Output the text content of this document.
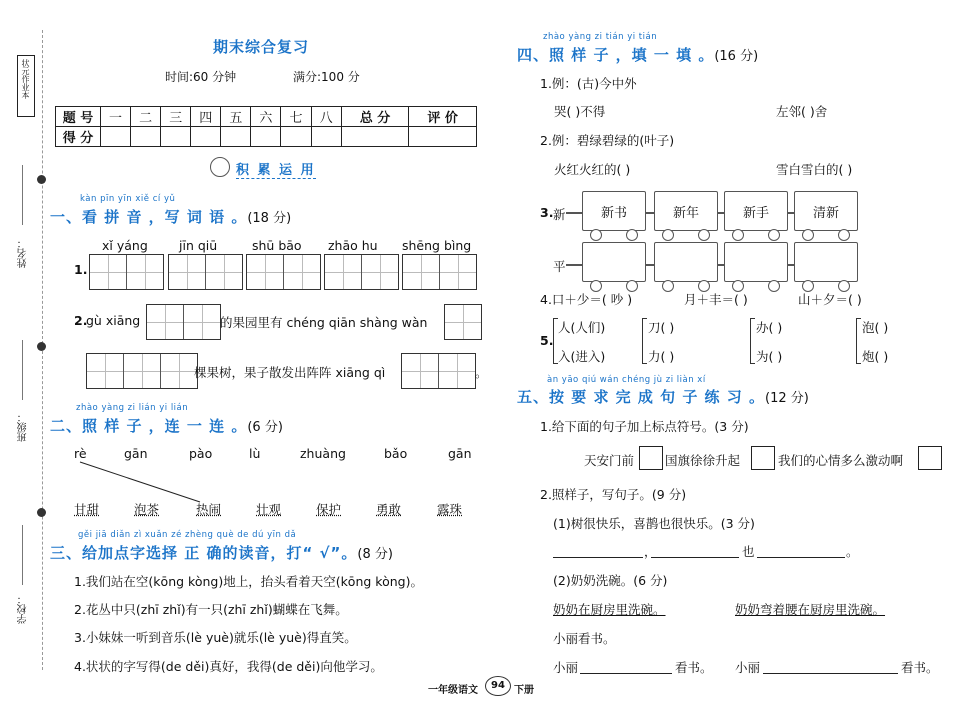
状元作业本
姓名：
班级：
学校：
期末综合复习
时间:60 分钟	满分:100 分
题 号	一	二	三	四	五	六	七	八	总 分	评 价
得 分										
积 累 运 用
kàn pīn yīn xiě cí yǔ
一、看 拼 音 ，写 词 语 。(18 分)
1.
xǐ yáng jīn qiū	shū bāo zhāo hu shēng bìng
2.
gù xiāng	的果园里有 chéng qiān shàng wàn
棵果树，果子散发出阵阵 xiāng qì	。
zhào yàng zi lián yi lián
二、照 样 子 ，连 一 连 。(6 分)
rè	gān	pào	lù	zhuàng	bǎo	gān
甘甜	泡茶	热闹	壮观	保护	勇敢	露珠
gěi jiā diǎn zì xuǎn zé zhèng què de dú yīn dǎ
三、给加点字选择 正 确的读音，打“ √”。(8 分)
1.我们站在空(kōng kòng)地上，抬头看着天空(kōng kòng)。
2.花丛中只(zhī zhǐ)有一只(zhī zhǐ)蝴蝶在飞舞。
3.小妹妹一听到音乐(lè yuè)就乐(lè yuè)得直笑。
4.状状的字写得(de děi)真好，我得(de děi)向他学习。
zhào yàng zi tián yi tián
四、照 样 子 ，填 一 填 。(16 分)
1.例：(古)今中外
哭( )不得	左邻( )舍
2.例：碧绿碧绿的(叶子)
火红火红的( )	雪白雪白的( )
3. 新	新书	新年	新手	清新
平
4.口＋少＝( 吵 )	月＋丰＝( )	山＋夕＝( )
5.
人(人们)
入(进入)
刀( )
力( )
办( )
为( )
泡( )
炮( )
àn yāo qiú wán chéng jù zi liàn xí
五、按 要 求 完 成 句 子 练 习 。(12 分)
1.给下面的句子加上标点符号。(3 分)
天安门前 国旗徐徐升起	我们的心情多么激动啊
2.照样子，写句子。(9 分)
(1)树很快乐，喜鹊也很快乐。(3 分)
，	也	。
(2)奶奶洗碗。(6 分)
奶奶在厨房里洗碗。	奶奶弯着腰在厨房里洗碗。
小丽看书。
小丽	看书。 小丽	看书。
一年级语文	94 下册
